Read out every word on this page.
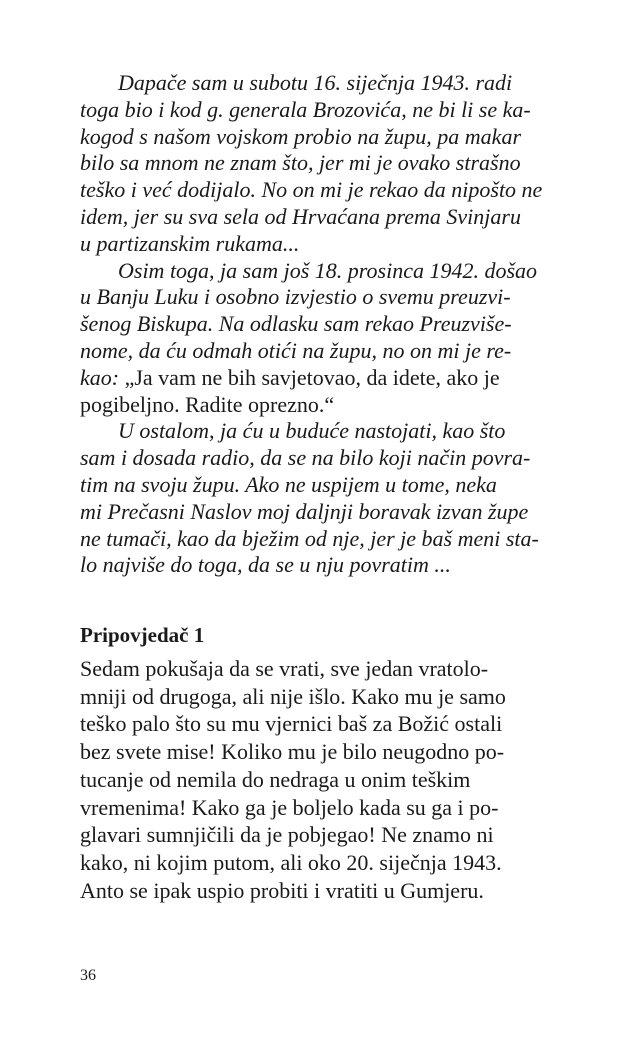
Dapače sam u subotu 16. siječnja 1943. radi
toga bio i kod g. generala Brozovića, ne bi li se ka-
kogod s našom vojskom probio na župu, pa makar
bilo sa mnom ne znam što, jer mi je ovako strašno
teško i već dodijalo. No on mi je rekao da nipošto ne
idem, jer su sva sela od Hrvaćana prema Svinjaru
u partizanskim rukama...
Osim toga, ja sam još 18. prosinca 1942. došao
u Banju Luku i osobno izvjestio o svemu preuzvi-
šenog Biskupa. Na odlasku sam rekao Preuzviše-
nome, da ću odmah otići na župu, no on mi je re-
kao: „Ja vam ne bih savjetovao, da idete, ako je
pogibeljno. Radite oprezno.“
U ostalom, ja ću u buduće nastojati, kao što
sam i dosada radio, da se na bilo koji način povra-
tim na svoju župu. Ako ne uspijem u tome, neka
mi Prečasni Naslov moj daljnji boravak izvan župe
ne tumači, kao da bježim od nje, jer je baš meni sta-
lo najviše do toga, da se u nju povratim ...
Pripovjedač 1
Sedam pokušaja da se vrati, sve jedan vratolo-
mniji od drugoga, ali nije išlo. Kako mu je samo
teško palo što su mu vjernici baš za Božić ostali
bez svete mise! Koliko mu je bilo neugodno po-
tucanje od nemila do nedraga u onim teškim
vremenima! Kako ga je boljelo kada su ga i po-
glavari sumnjičili da je pobjegao! Ne znamo ni
kako, ni kojim putom, ali oko 20. siječnja 1943.
Anto se ipak uspio probiti i vratiti u Gumjeru.
36
